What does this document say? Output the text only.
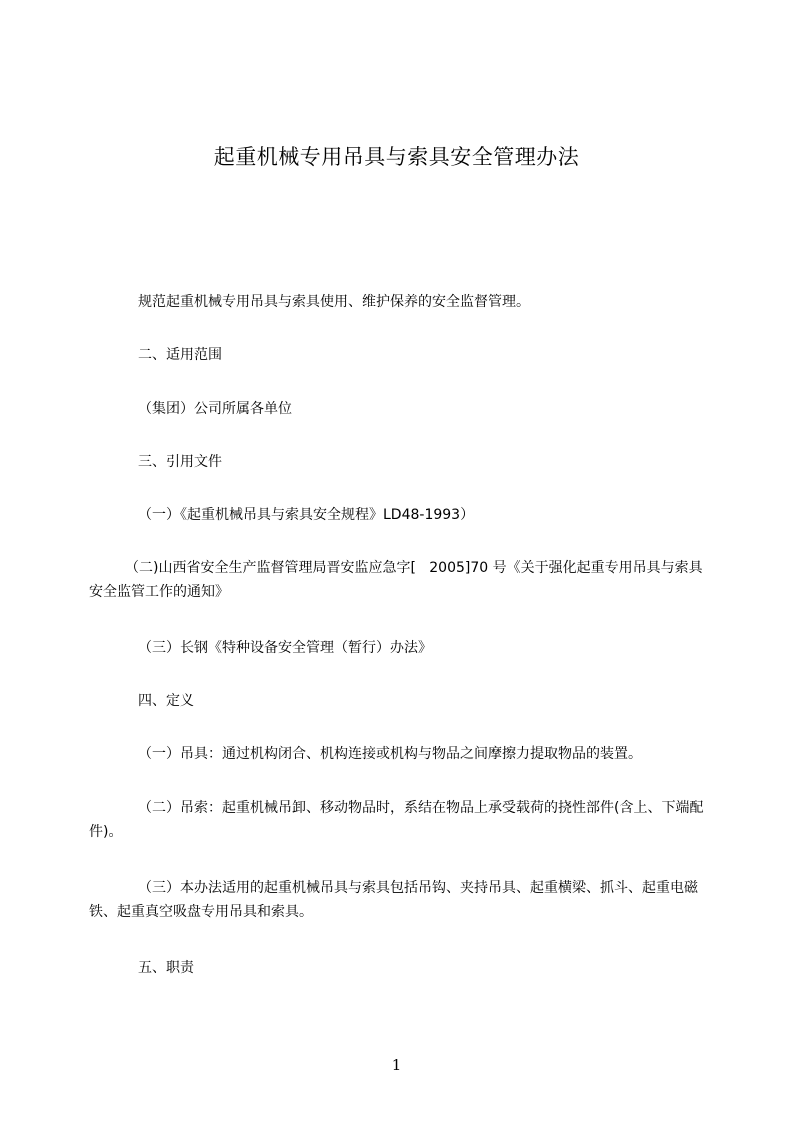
起重机械专用吊具与索具安全管理办法
规范起重机械专用吊具与索具使用、维护保养的安全监督管理。
二、适用范围
（集团）公司所属各单位
三、引用文件
（一）《起重机械吊具与索具安全规程》LD48-1993）
（二)山西省安全生产监督管理局晋安监应急字[   2005]70 号《关于强化起重专用吊具与索具安全监管工作的通知》
（三）长钢《特种设备安全管理（暂行）办法》
四、定义
（一）吊具：通过机构闭合、机构连接或机构与物品之间摩擦力提取物品的装置。
（二）吊索：起重机械吊卸、移动物品时，系结在物品上承受载荷的挠性部件(含上、下端配件)。
（三）本办法适用的起重机械吊具与索具包括吊钩、夹持吊具、起重横梁、抓斗、起重电磁铁、起重真空吸盘专用吊具和索具。
五、职责
1
